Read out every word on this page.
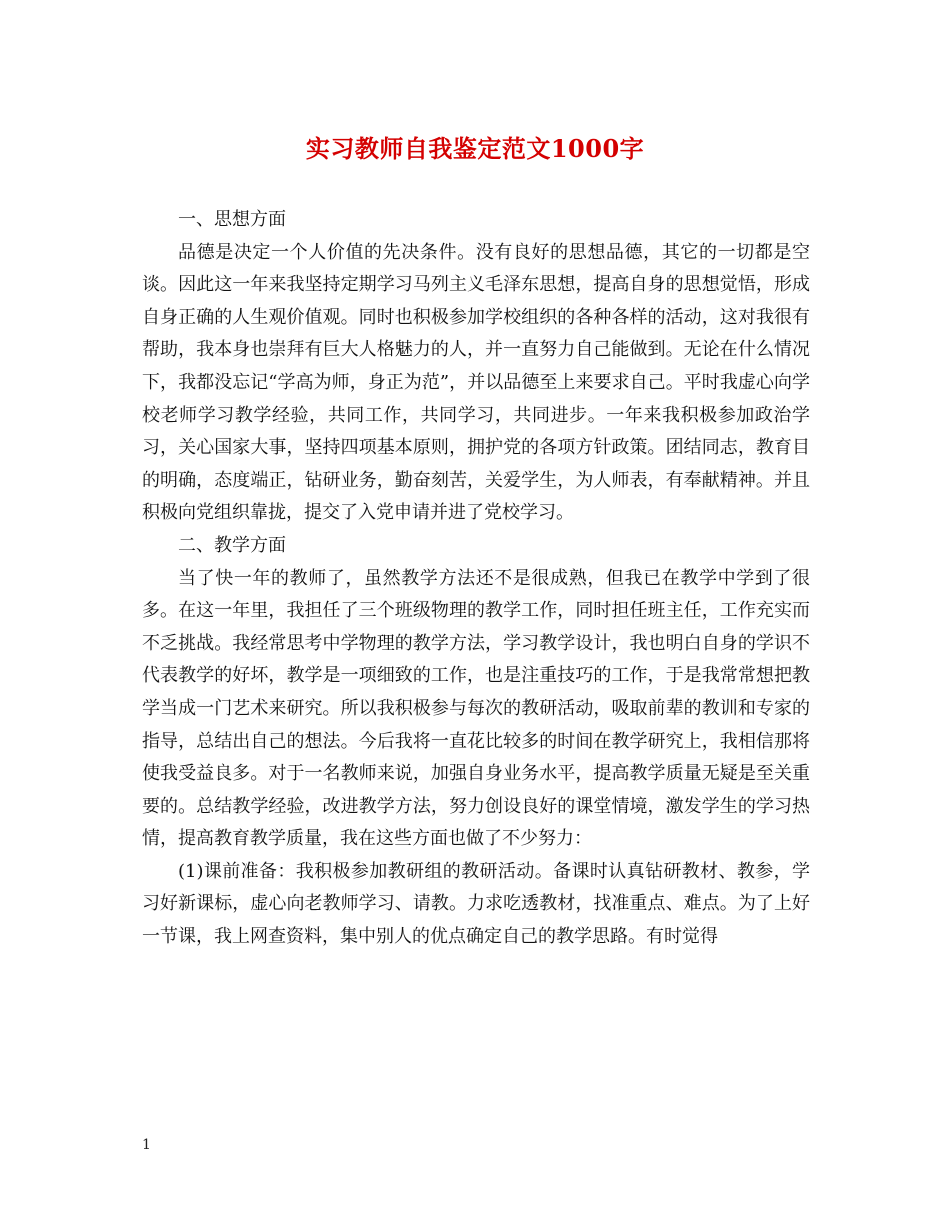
实习教师自我鉴定范文1000字

一、思想方面

品德是决定一个人价值的先决条件。没有良好的思想品德，其它的一切都是空谈。因此这一年来我坚持定期学习马列主义毛泽东思想，提高自身的思想觉悟，形成自身正确的人生观价值观。同时也积极参加学校组织的各种各样的活动，这对我很有帮助，我本身也崇拜有巨大人格魅力的人，并一直努力自己能做到。无论在什么情况下，我都没忘记“学高为师，身正为范”，并以品德至上来要求自己。平时我虚心向学校老师学习教学经验，共同工作，共同学习，共同进步。一年来我积极参加政治学习，关心国家大事，坚持四项基本原则，拥护党的各项方针政策。团结同志，教育目的明确，态度端正，钻研业务，勤奋刻苦，关爱学生，为人师表，有奉献精神。并且积极向党组织靠拢，提交了入党申请并进了党校学习。

二、教学方面

当了快一年的教师了，虽然教学方法还不是很成熟，但我已在教学中学到了很多。在这一年里，我担任了三个班级物理的教学工作，同时担任班主任，工作充实而不乏挑战。我经常思考中学物理的教学方法，学习教学设计，我也明白自身的学识不代表教学的好坏，教学是一项细致的工作，也是注重技巧的工作，于是我常常想把教学当成一门艺术来研究。所以我积极参与每次的教研活动，吸取前辈的教训和专家的指导，总结出自己的想法。今后我将一直花比较多的时间在教学研究上，我相信那将使我受益良多。对于一名教师来说，加强自身业务水平，提高教学质量无疑是至关重要的。总结教学经验，改进教学方法，努力创设良好的课堂情境，激发学生的学习热情，提高教育教学质量，我在这些方面也做了不少努力：

(1)课前准备：我积极参加教研组的教研活动。备课时认真钻研教材、教参，学习好新课标，虚心向老教师学习、请教。力求吃透教材，找准重点、难点。为了上好一节课，我上网查资料，集中别人的优点确定自己的教学思路。有时觉得

1
